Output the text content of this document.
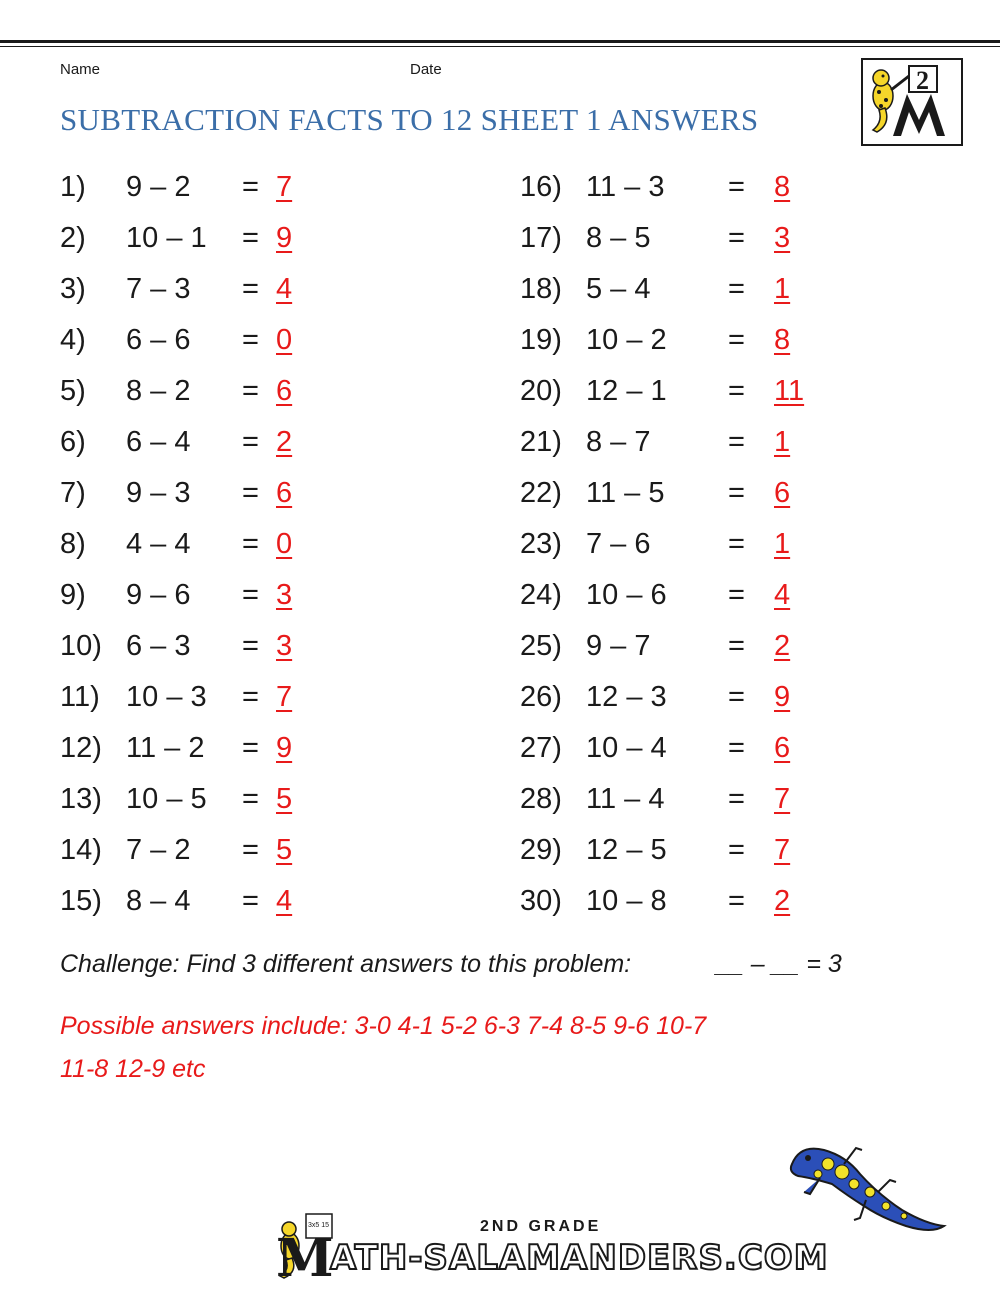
Name	Date
SUBTRACTION FACTS TO 12 SHEET 1 ANSWERS
2
1) 9 – 2 = 7
2) 10 – 1 = 9
3) 7 – 3 = 4
4) 6 – 6 = 0
5) 8 – 2 = 6
6) 6 – 4 = 2
7) 9 – 3 = 6
8) 4 – 4 = 0
9) 9 – 6 = 3
10) 6 – 3 = 3
11) 10 – 3 = 7
12) 11 – 2 = 9
13) 10 – 5 = 5
14) 7 – 2 = 5
15) 8 – 4 = 4
16) 11 – 3 = 8
17) 8 – 5	= 3
18) 5 – 4	= 1
19) 10 – 2 = 8
20) 12 – 1 = 11
21) 8 – 7	= 1
22) 11 – 5 = 6
23) 7 – 6	= 1
24) 10 – 6 = 4
25) 9 – 7	= 2
26) 12 – 3 = 9
27) 10 – 4 = 6
28) 11 – 4 = 7
29) 12 – 5 = 7
30) 10 – 8 = 2
Challenge: Find 3 different answers to this problem:	__ – __ = 3
Possible answers include: 3-0 4-1 5-2 6-3 7-4 8-5 9-6 10-7
11-8 12-9 etc
3x5 15	2ND GRADE
M
ATH-SALAMANDERS.COM
